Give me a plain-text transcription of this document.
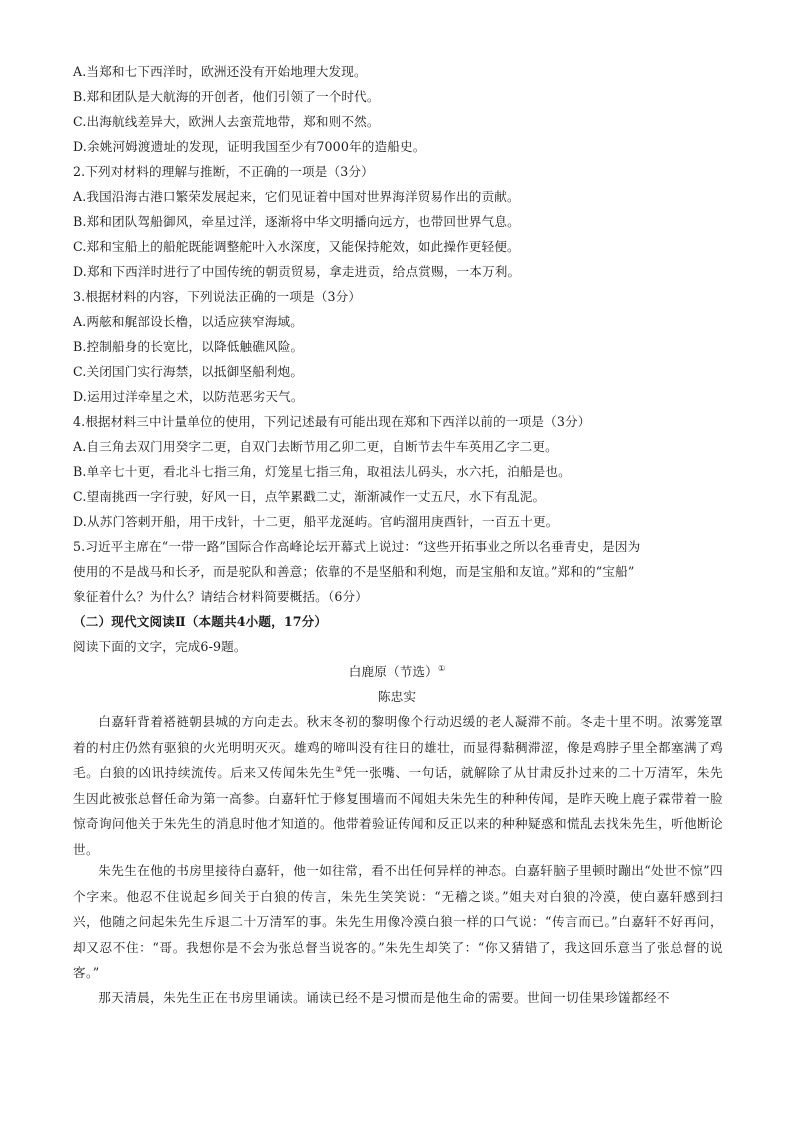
A.当郑和七下西洋时，欧洲还没有开始地理大发现。
B.郑和团队是大航海的开创者，他们引领了一个时代。
C.出海航线差异大，欧洲人去蛮荒地带，郑和则不然。
D.余姚河姆渡遗址的发现，证明我国至少有7000年的造船史。
2.下列对材料的理解与推断，不正确的一项是（3分）
A.我国沿海古港口繁荣发展起来，它们见证着中国对世界海洋贸易作出的贡献。
B.郑和团队驾船御风，牵星过洋，逐渐将中华文明播向远方，也带回世界气息。
C.郑和宝船上的船舵既能调整舵叶入水深度，又能保持舵效，如此操作更轻便。
D.郑和下西洋时进行了中国传统的朝贡贸易，拿走进贡，给点赏赐，一本万利。
3.根据材料的内容，下列说法正确的一项是（3分）
A.两舷和艉部设长橹，以适应狭窄海域。
B.控制船身的长宽比，以降低触礁风险。
C.关闭国门实行海禁，以抵御坚船利炮。
D.运用过洋牵星之术，以防范恶劣天气。
4.根据材料三中计量单位的使用，下列记述最有可能出现在郑和下西洋以前的一项是（3分）
A.自三角去双门用癸字二更，自双门去断节用乙卯二更，自断节去牛车英用乙字二更。
B.单辛七十更，看北斗七指三角，灯笼星七指三角，取祖法儿码头，水六托，泊船是也。
C.望南挑西一字行驶，好风一日，点竿累戳二丈，渐渐减作一丈五尺，水下有乱泥。
D.从苏门答剌开船，用干戌针，十二更，船平龙涎屿。官屿溜用庚酉针，一百五十更。
5.习近平主席在“一带一路”国际合作高峰论坛开幕式上说过：“这些开拓事业之所以名垂青史，是因为
使用的不是战马和长矛，而是驼队和善意；依靠的不是坚船和利炮，而是宝船和友谊。”郑和的“宝船”
象征着什么？为什么？请结合材料简要概括。（6分）
（二）现代文阅读Ⅱ（本题共4小题，17分）
阅读下面的文字，完成6-9题。
白鹿原（节选）①
陈忠实

白嘉轩背着褡裢朝县城的方向走去。秋末冬初的黎明像个行动迟缓的老人凝滞不前。冬走十里不明。浓雾笼罩着的村庄仍然有驱狼的火光明明灭灭。雄鸡的啼叫没有往日的雄壮，而显得黏稠滞涩，像是鸡脖子里全都塞满了鸡毛。白狼的凶讯持续流传。后来又传闻朱先生②凭一张嘴、一句话，就解除了从甘肃反扑过来的二十万清军，朱先生因此被张总督任命为第一高参。白嘉轩忙于修复围墙而不闻姐夫朱先生的种种传闻，是昨天晚上鹿子霖带着一脸惊奇询问他关于朱先生的消息时他才知道的。他带着验证传闻和反正以来的种种疑惑和慌乱去找朱先生，听他断论世。

朱先生在他的书房里接待白嘉轩，他一如往常，看不出任何异样的神态。白嘉轩脑子里顿时蹦出“处世不惊”四个字来。他忍不住说起乡间关于白狼的传言，朱先生笑笑说：“无稽之谈。”姐夫对白狼的冷漠，使白嘉轩感到扫兴，他随之问起朱先生斥退二十万清军的事。朱先生用像冷漠白狼一样的口气说：“传言而已。”白嘉轩不好再问，却又忍不住：“哥。我想你是不会为张总督当说客的。”朱先生却笑了：“你又猜错了，我这回乐意当了张总督的说客。”

那天清晨，朱先生正在书房里诵读。诵读已经不是习惯而是他生命的需要。世间一切佳果珍馐都经不
